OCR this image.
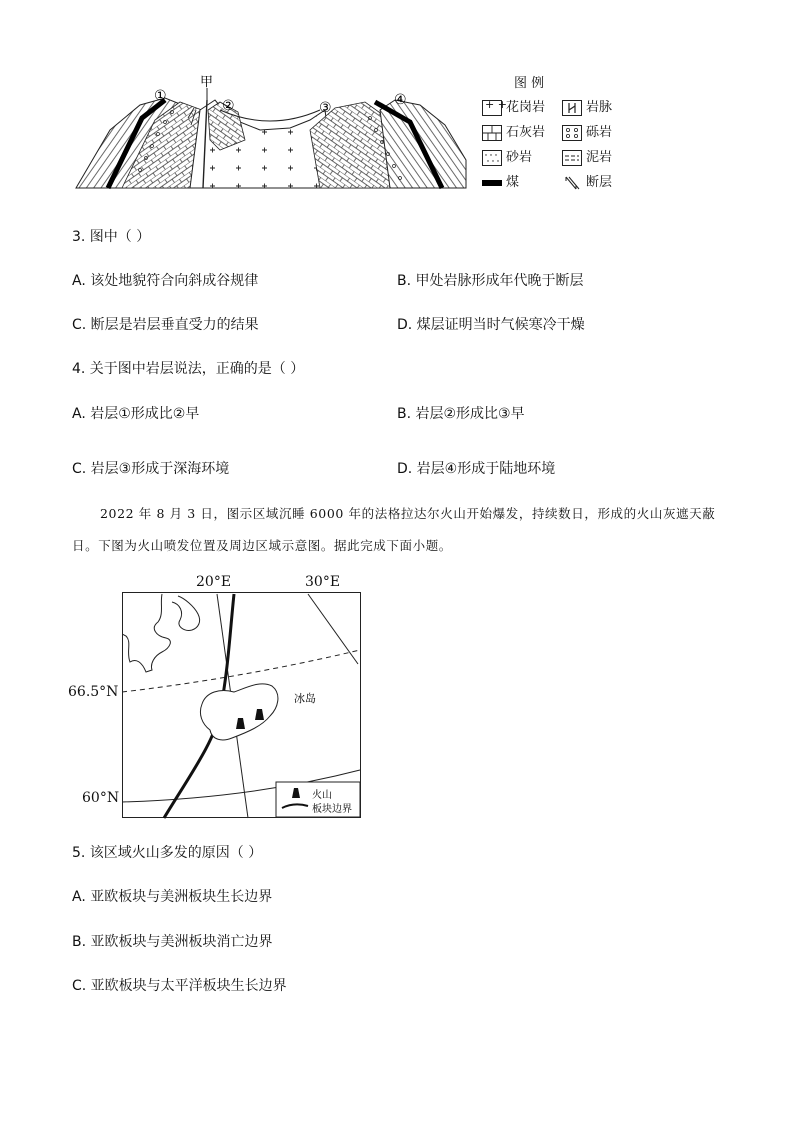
①
②	③	④
甲	图 例
+ + 花岗岩	岩脉
石灰岩	砾岩
砂岩	泥岩
煤	断层
3. 图中（ ）
A. 该处地貌符合向斜成谷规律	B. 甲处岩脉形成年代晚于断层
C. 断层是岩层垂直受力的结果	D. 煤层证明当时气候寒冷干燥
4. 关于图中岩层说法，正确的是（ ）
A. 岩层①形成比②早	B. 岩层②形成比③早
C. 岩层③形成于深海环境	D. 岩层④形成于陆地环境
2022 年 8 月 3 日，图示区域沉睡 6000 年的法格拉达尔火山开始爆发，持续数日，形成的火山灰遮天蔽日。下图为火山喷发位置及周边区域示意图。据此完成下面小题。
20°E	30°E
66.5°N
60°N
冰岛
火山
板块边界
5. 该区域火山多发的原因（ ）
A. 亚欧板块与美洲板块生长边界
B. 亚欧板块与美洲板块消亡边界
C. 亚欧板块与太平洋板块生长边界
